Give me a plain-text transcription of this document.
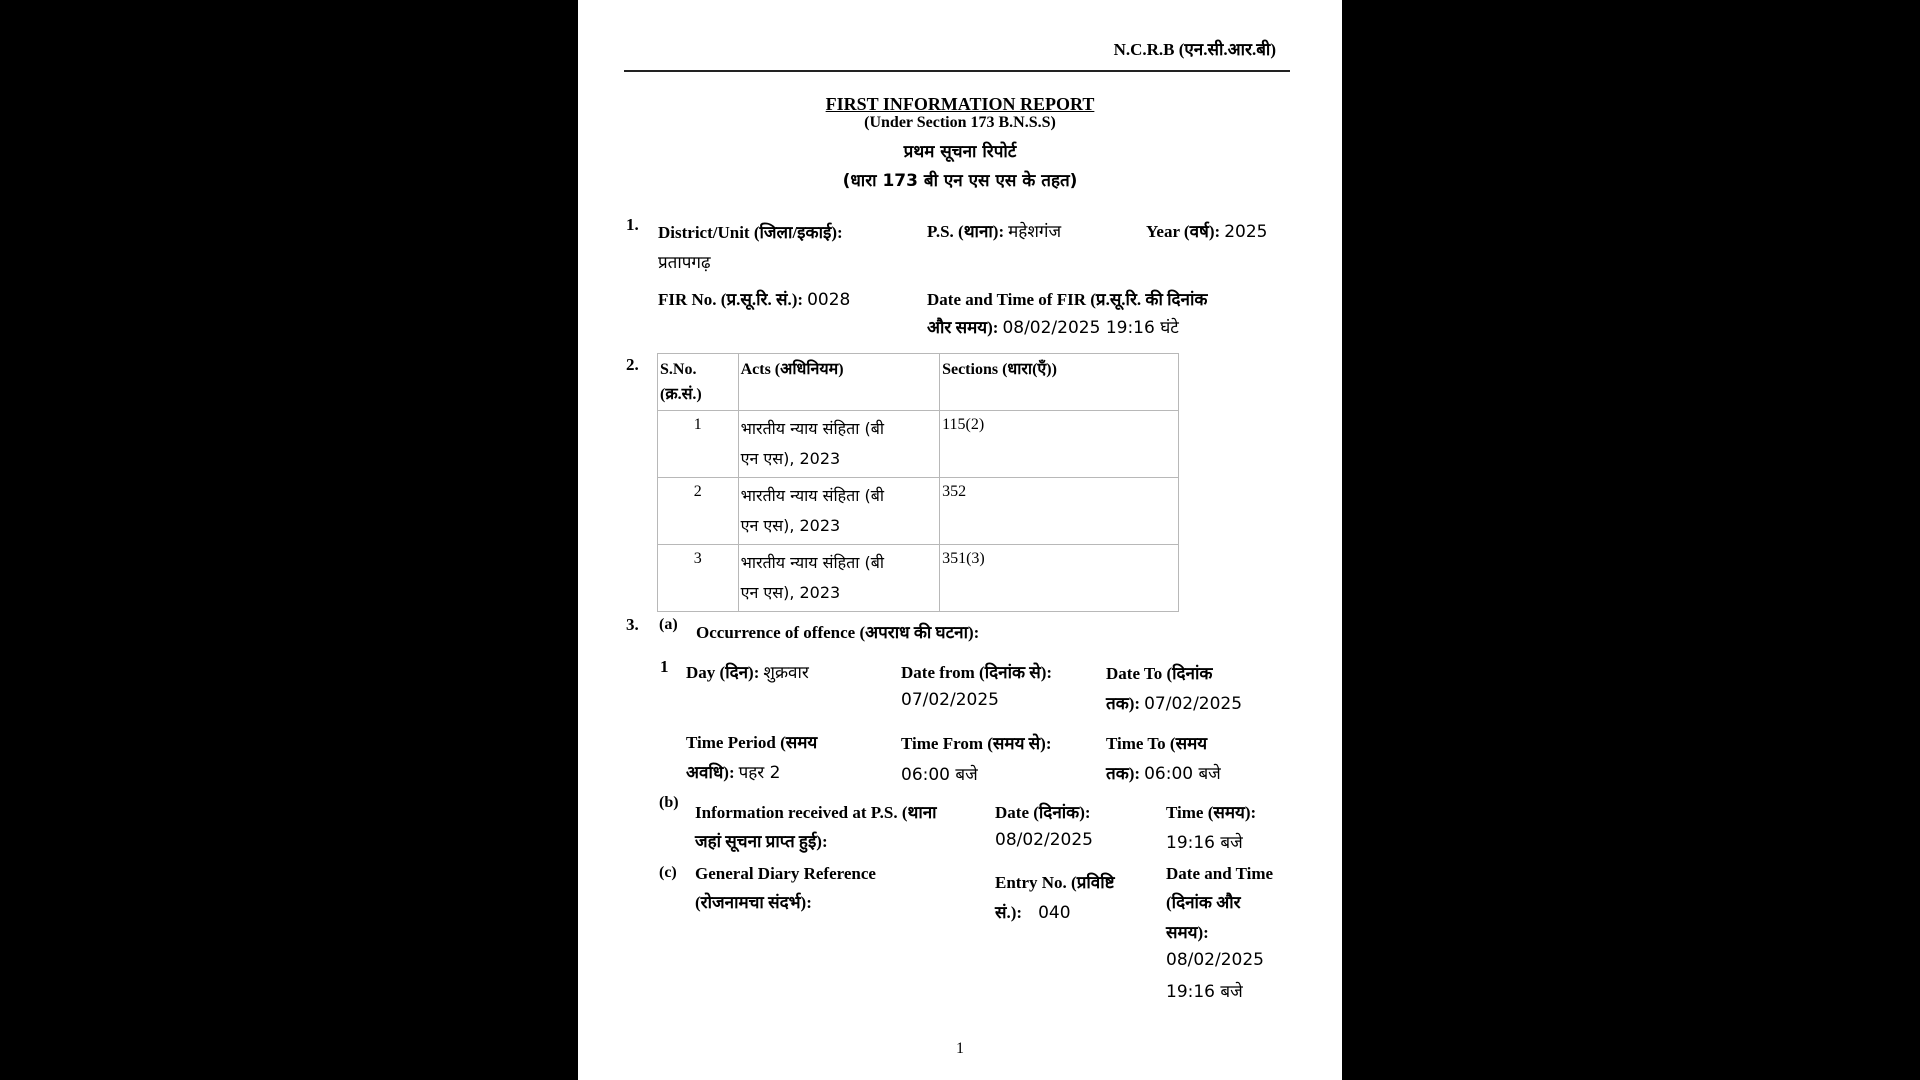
N.C.R.B (एन.सी.आर.बी)
FIRST INFORMATION REPORT
(Under Section 173 B.N.S.S)
प्रथम सूचना रिपोर्ट
(धारा 173 बी एन एस एस के तहत)
1. District/Unit (जिला/इकाई):
प्रतापगढ़
P.S. (थाना): महेशगंज	Year (वर्ष): 2025
FIR No. (प्र.सू.रि. सं.): 0028	Date and Time of FIR (प्र.सू.रि. की दिनांक
और समय): 08/02/2025 19:16 घंटे
2. S.No.
(क्र.सं.)	Acts (अधिनियम)	Sections (धारा(एँ))
1	भारतीय न्याय संहिता (बी
एन एस), 2023	115(2)
2	भारतीय न्याय संहिता (बी
एन एस), 2023	352
3	भारतीय न्याय संहिता (बी
एन एस), 2023	351(3)
3. (a) Occurrence of offence (अपराध की घटना):
1 Day (दिन): शुक्रवार	Date from (दिनांक से):
07/02/2025
Date To (दिनांक
तक): 07/02/2025
Time Period (समय
अवधि): पहर 2
Time From (समय से):
06:00 बजे
Time To (समय
तक): 06:00 बजे
(b)
Information received at P.S. (थाना
जहां सूचना प्राप्त हुई):
Date (दिनांक):
08/02/2025
Time (समय):
19:16 बजे
(c) General Diary Reference
(रोजनामचा संदर्भ):
Entry No. (प्रविष्टि
सं.): 040
Date and Time
(दिनांक और
समय):
08/02/2025
19:16 बजे
1
